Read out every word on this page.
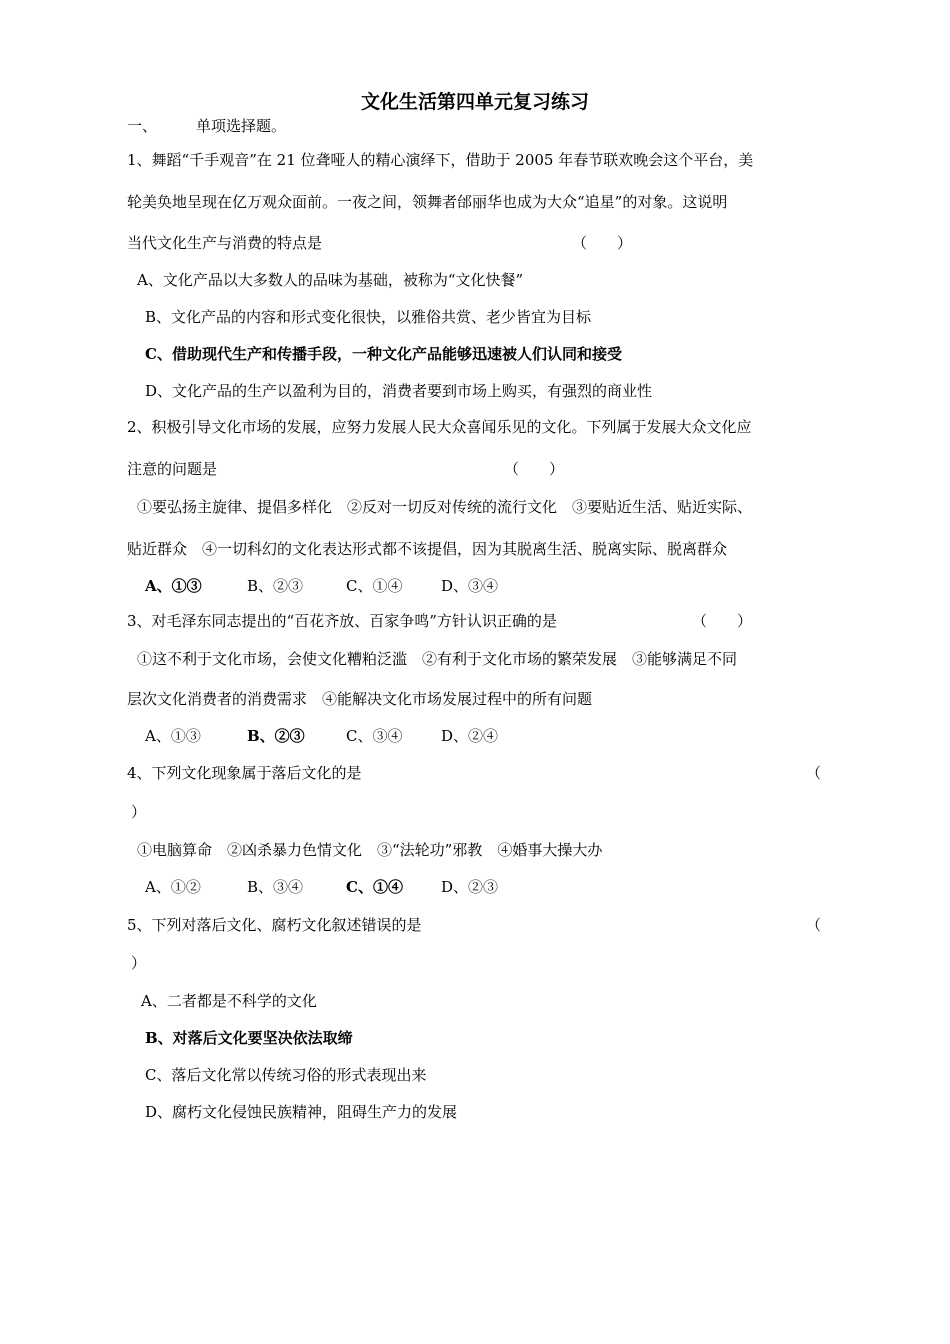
文化生活第四单元复习练习
一、	单项选择题。
1、舞蹈“千手观音”在 21 位聋哑人的精心演绎下，借助于 2005 年春节联欢晚会这个平台，美
轮美奂地呈现在亿万观众面前。一夜之间，领舞者邰丽华也成为大众“追星”的对象。这说明
当代文化生产与消费的特点是	（　　）
A、文化产品以大多数人的品味为基础，被称为“文化快餐”
B、文化产品的内容和形式变化很快，以雅俗共赏、老少皆宜为目标
C、借助现代生产和传播手段，一种文化产品能够迅速被人们认同和接受
D、文化产品的生产以盈利为目的，消费者要到市场上购买，有强烈的商业性
2、积极引导文化市场的发展，应努力发展人民大众喜闻乐见的文化。下列属于发展大众文化应
注意的问题是	（　　）
①要弘扬主旋律、提倡多样化　②反对一切反对传统的流行文化　③要贴近生活、贴近实际、
贴近群众　④一切科幻的文化表达形式都不该提倡，因为其脱离生活、脱离实际、脱离群众
A、①③	B、②③	C、①④	D、③④
3、对毛泽东同志提出的“百花齐放、百家争鸣”方针认识正确的是	（　　）
①这不利于文化市场，会使文化糟粕泛滥　②有利于文化市场的繁荣发展　③能够满足不同
层次文化消费者的消费需求　④能解决文化市场发展过程中的所有问题
A、①③	B、②③	C、③④	D、②④
4、下列文化现象属于落后文化的是	（
）
①电脑算命　②凶杀暴力色情文化　③“法轮功”邪教　④婚事大操大办
A、①②	B、③④	C、①④	D、②③
5、下列对落后文化、腐朽文化叙述错误的是	（
）
A、二者都是不科学的文化
B、对落后文化要坚决依法取缔
C、落后文化常以传统习俗的形式表现出来
D、腐朽文化侵蚀民族精神，阻碍生产力的发展
